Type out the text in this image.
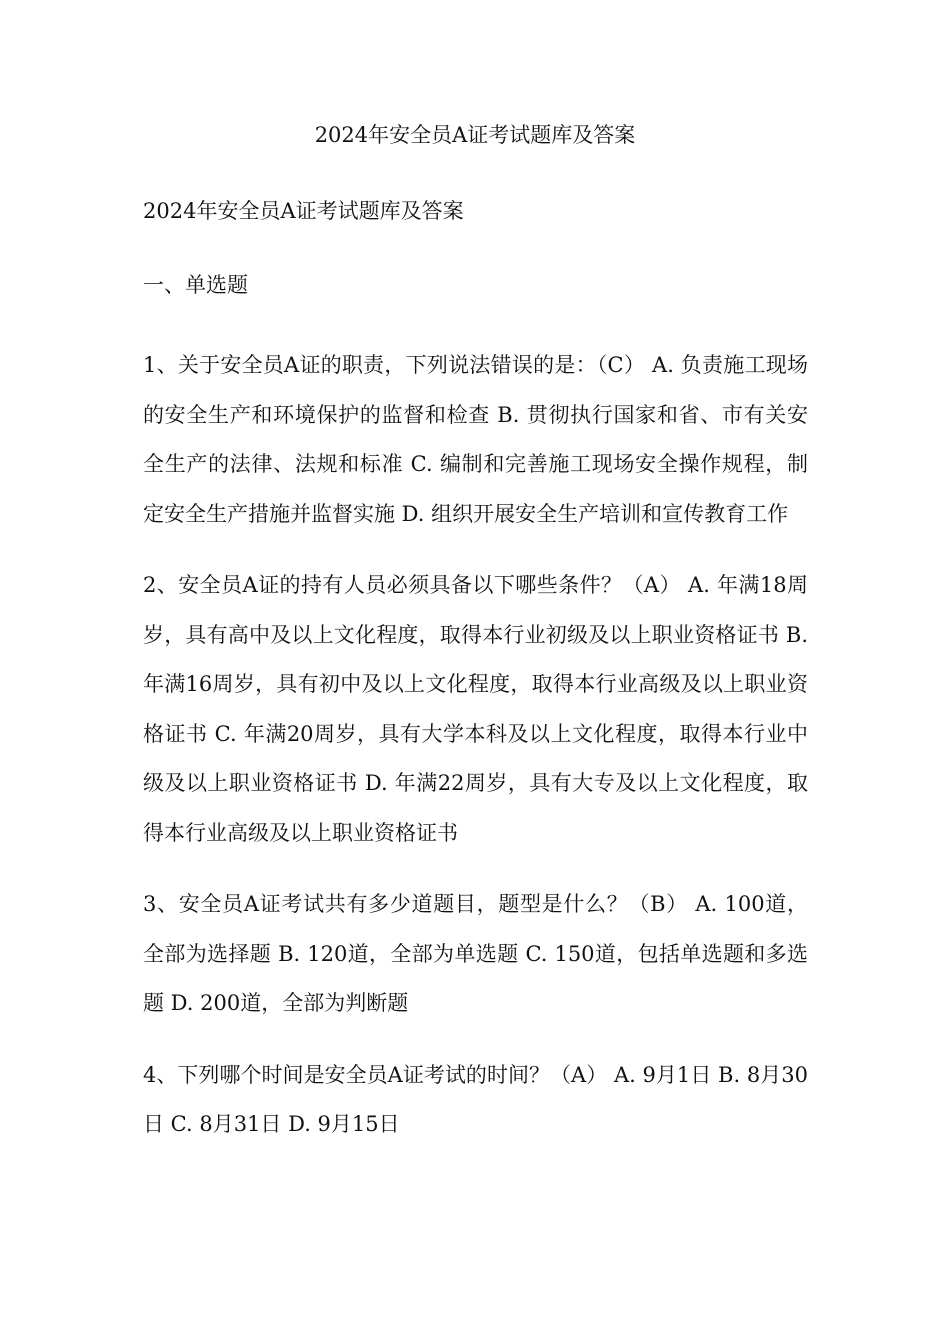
2024年安全员A证考试题库及答案

2024年安全员A证考试题库及答案

一、单选题

1、关于安全员A证的职责，下列说法错误的是：（C） A. 负责施工现场的安全生产和环境保护的监督和检查 B. 贯彻执行国家和省、市有关安全生产的法律、法规和标准 C. 编制和完善施工现场安全操作规程，制定安全生产措施并监督实施 D. 组织开展安全生产培训和宣传教育工作

2、安全员A证的持有人员必须具备以下哪些条件？（A） A. 年满18周岁，具有高中及以上文化程度，取得本行业初级及以上职业资格证书 B. 年满16周岁，具有初中及以上文化程度，取得本行业高级及以上职业资格证书 C. 年满20周岁，具有大学本科及以上文化程度，取得本行业中级及以上职业资格证书 D. 年满22周岁，具有大专及以上文化程度，取得本行业高级及以上职业资格证书

3、安全员A证考试共有多少道题目，题型是什么？（B） A. 100道，全部为选择题 B. 120道，全部为单选题 C. 150道，包括单选题和多选题 D. 200道，全部为判断题

4、下列哪个时间是安全员A证考试的时间？（A） A. 9月1日 B. 8月30日 C. 8月31日 D. 9月15日
